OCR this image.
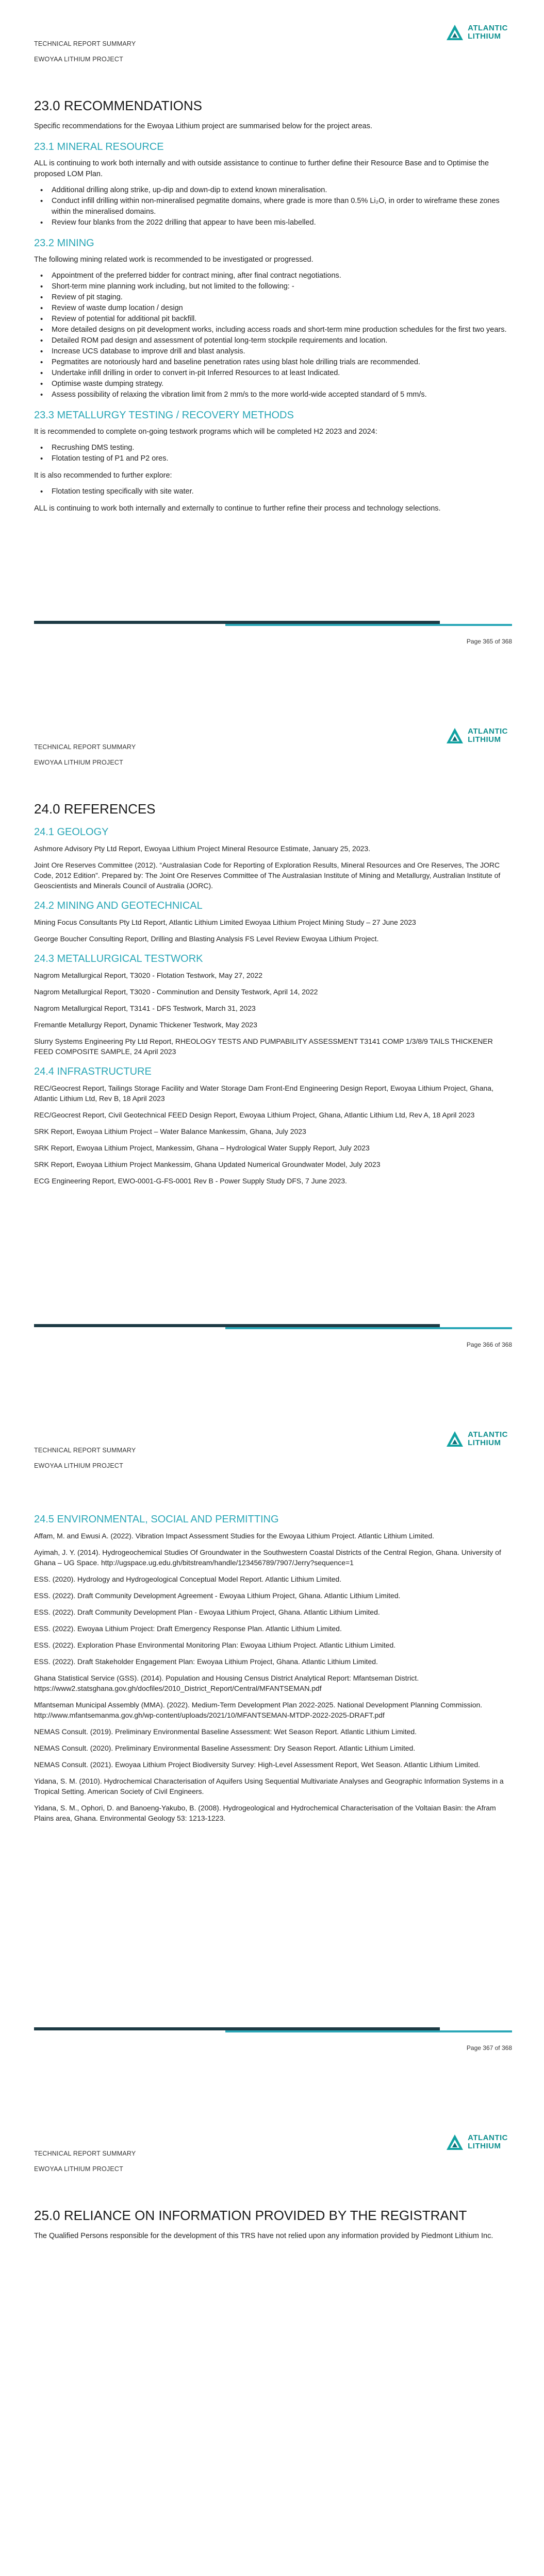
TECHNICAL REPORT SUMMARY
EWOYAA LITHIUM PROJECT
ATLANTIC
LITHIUM
23.0 RECOMMENDATIONS

Specific recommendations for the Ewoyaa Lithium project are summarised below for the project areas.

23.1 MINERAL RESOURCE

ALL is continuing to work both internally and with outside assistance to continue to further define their Resource Base and to Optimise the proposed LOM Plan.

• Additional drilling along strike, up-dip and down-dip to extend known mineralisation.
• Conduct infill drilling within non-mineralised pegmatite domains, where grade is more than 0.5% Li₂O, in order to wireframe these zones within the mineralised domains.
• Review four blanks from the 2022 drilling that appear to have been mis-labelled.
23.2 MINING

The following mining related work is recommended to be investigated or progressed.

• Appointment of the preferred bidder for contract mining, after final contract negotiations.
• Short-term mine planning work including, but not limited to the following: -
• Review of pit staging.
• Review of waste dump location / design
• Review of potential for additional pit backfill.
• More detailed designs on pit development works, including access roads and short-term mine production schedules for the first two years.
• Detailed ROM pad design and assessment of potential long-term stockpile requirements and location.
• Increase UCS database to improve drill and blast analysis.
• Pegmatites are notoriously hard and baseline penetration rates using blast hole drilling trials are recommended.
• Undertake infill drilling in order to convert in-pit Inferred Resources to at least Indicated.
• Optimise waste dumping strategy.
• Assess possibility of relaxing the vibration limit from 2 mm/s to the more world-wide accepted standard of 5 mm/s.
23.3 METALLURGY TESTING / RECOVERY METHODS

It is recommended to complete on-going testwork programs which will be completed H2 2023 and 2024:

• Recrushing DMS testing.
• Flotation testing of P1 and P2 ores.

It is also recommended to further explore:

• Flotation testing specifically with site water.

ALL is continuing to work both internally and externally to continue to further refine their process and technology selections.

Page 365 of 368
TECHNICAL REPORT SUMMARY
EWOYAA LITHIUM PROJECT
ATLANTIC
LITHIUM
24.0 REFERENCES
24.1 GEOLOGY

Ashmore Advisory Pty Ltd Report, Ewoyaa Lithium Project Mineral Resource Estimate, January 25, 2023.

Joint Ore Reserves Committee (2012). “Australasian Code for Reporting of Exploration Results, Mineral Resources and Ore Reserves, The JORC Code, 2012 Edition”. Prepared by: The Joint Ore Reserves Committee of The Australasian Institute of Mining and Metallurgy, Australian Institute of Geoscientists and Minerals Council of Australia (JORC).

24.2 MINING AND GEOTECHNICAL

Mining Focus Consultants Pty Ltd Report, Atlantic Lithium Limited Ewoyaa Lithium Project Mining Study – 27 June 2023

George Boucher Consulting Report, Drilling and Blasting Analysis FS Level Review Ewoyaa Lithium Project.

24.3 METALLURGICAL TESTWORK

Nagrom Metallurgical Report, T3020 - Flotation Testwork, May 27, 2022

Nagrom Metallurgical Report, T3020 - Comminution and Density Testwork, April 14, 2022

Nagrom Metallurgical Report, T3141 - DFS Testwork, March 31, 2023

Fremantle Metallurgy Report, Dynamic Thickener Testwork, May 2023

Slurry Systems Engineering Pty Ltd Report, RHEOLOGY TESTS AND PUMPABILITY ASSESSMENT T3141 COMP 1/3/8/9 TAILS THICKENER FEED COMPOSITE SAMPLE, 24 April 2023

24.4 INFRASTRUCTURE

REC/Geocrest Report, Tailings Storage Facility and Water Storage Dam Front-End Engineering Design Report, Ewoyaa Lithium Project, Ghana, Atlantic Lithium Ltd, Rev B, 18 April 2023

REC/Geocrest Report, Civil Geotechnical FEED Design Report, Ewoyaa Lithium Project, Ghana, Atlantic Lithium Ltd, Rev A, 18 April 2023

SRK Report, Ewoyaa Lithium Project – Water Balance Mankessim, Ghana, July 2023

SRK Report, Ewoyaa Lithium Project, Mankessim, Ghana – Hydrological Water Supply Report, July 2023

SRK Report, Ewoyaa Lithium Project Mankessim, Ghana Updated Numerical Groundwater Model, July 2023

ECG Engineering Report, EWO-0001-G-FS-0001 Rev B - Power Supply Study DFS, 7 June 2023.

Page 366 of 368
TECHNICAL REPORT SUMMARY
EWOYAA LITHIUM PROJECT
ATLANTIC
LITHIUM
24.5 ENVIRONMENTAL, SOCIAL AND PERMITTING

Affam, M. and Ewusi A. (2022). Vibration Impact Assessment Studies for the Ewoyaa Lithium Project. Atlantic Lithium Limited.

Ayimah, J. Y. (2014). Hydrogeochemical Studies Of Groundwater in the Southwestern Coastal Districts of the Central Region, Ghana. University of Ghana – UG Space. http://ugspace.ug.edu.gh/bitstream/handle/123456789/7907/Jerry?sequence=1

ESS. (2020). Hydrology and Hydrogeological Conceptual Model Report. Atlantic Lithium Limited.

ESS. (2022). Draft Community Development Agreement - Ewoyaa Lithium Project, Ghana. Atlantic Lithium Limited.

ESS. (2022). Draft Community Development Plan - Ewoyaa Lithium Project, Ghana. Atlantic Lithium Limited.

ESS. (2022). Ewoyaa Lithium Project: Draft Emergency Response Plan. Atlantic Lithium Limited.

ESS. (2022). Exploration Phase Environmental Monitoring Plan: Ewoyaa Lithium Project. Atlantic Lithium Limited.

ESS. (2022). Draft Stakeholder Engagement Plan: Ewoyaa Lithium Project, Ghana. Atlantic Lithium Limited.

Ghana Statistical Service (GSS). (2014). Population and Housing Census District Analytical Report: Mfantseman District. https://www2.statsghana.gov.gh/docfiles/2010_District_Report/Central/MFANTSEMAN.pdf

Mfantseman Municipal Assembly (MMA). (2022). Medium-Term Development Plan 2022-2025. National Development Planning Commission. http://www.mfantsemanma.gov.gh/wp-content/uploads/2021/10/MFANTSEMAN-MTDP-2022-2025-DRAFT.pdf

NEMAS Consult. (2019). Preliminary Environmental Baseline Assessment: Wet Season Report. Atlantic Lithium Limited.

NEMAS Consult. (2020). Preliminary Environmental Baseline Assessment: Dry Season Report. Atlantic Lithium Limited.

NEMAS Consult. (2021). Ewoyaa Lithium Project Biodiversity Survey: High-Level Assessment Report, Wet Season. Atlantic Lithium Limited.

Yidana, S. M. (2010). Hydrochemical Characterisation of Aquifers Using Sequential Multivariate Analyses and Geographic Information Systems in a Tropical Setting. American Society of Civil Engineers.

Yidana, S. M., Ophori, D. and Banoeng-Yakubo, B. (2008). Hydrogeological and Hydrochemical Characterisation of the Voltaian Basin: the Afram Plains area, Ghana. Environmental Geology 53: 1213-1223.

Page 367 of 368
TECHNICAL REPORT SUMMARY
EWOYAA LITHIUM PROJECT
ATLANTIC
LITHIUM
25.0 RELIANCE ON INFORMATION PROVIDED BY THE REGISTRANT

The Qualified Persons responsible for the development of this TRS have not relied upon any information provided by Piedmont Lithium Inc.
